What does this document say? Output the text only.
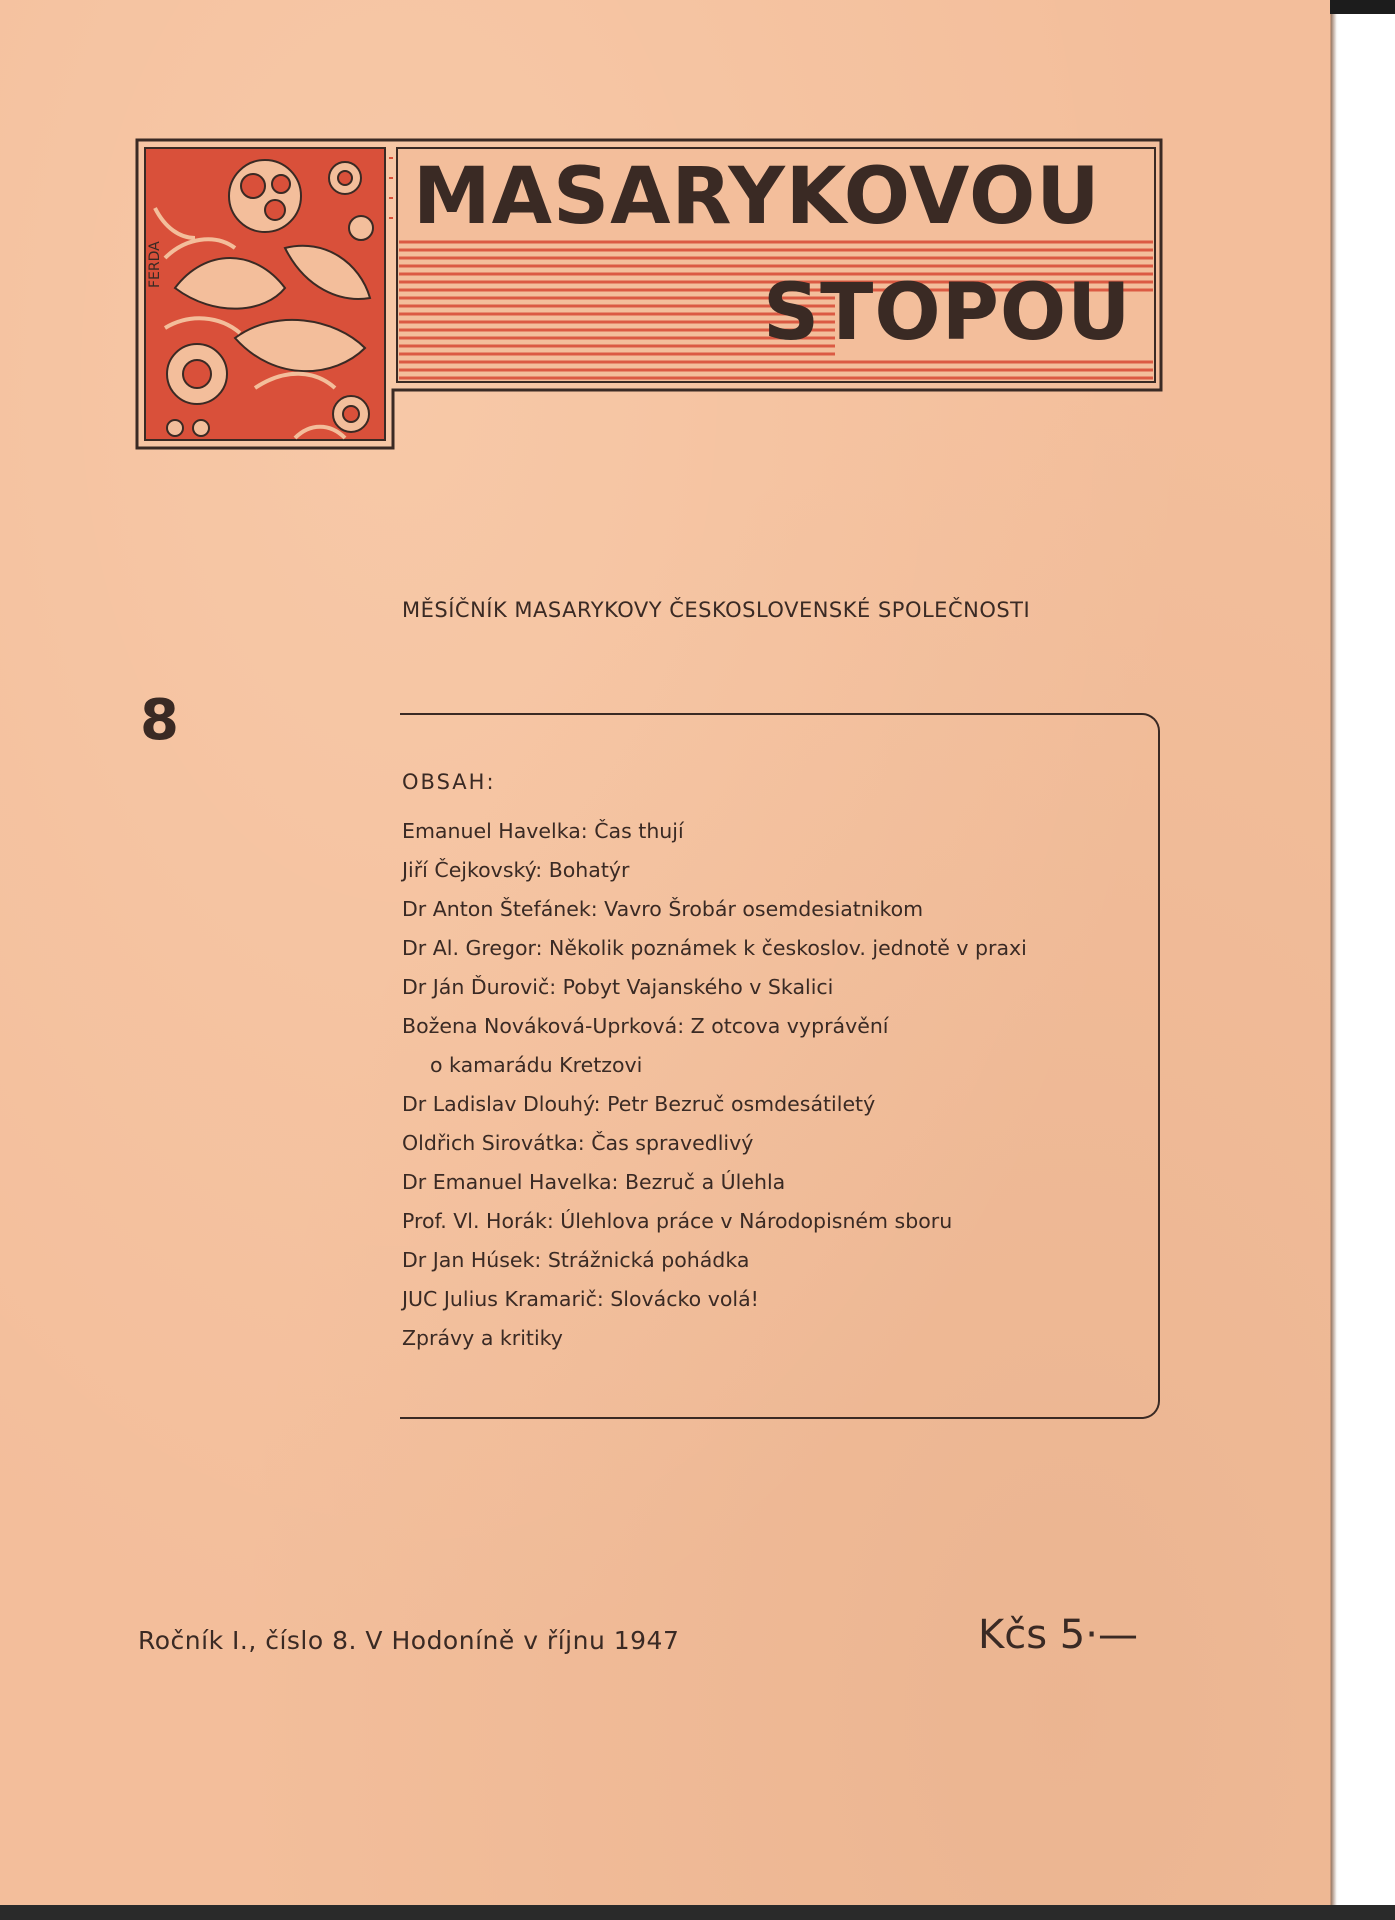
FERDA
MASARYKOVOU
STOPOU
MĚSÍČNÍK MASARYKOVY ČESKOSLOVENSKÉ SPOLEČNOSTI
8
OBSAH:
Emanuel Havelka: Čas thují
Jiří Čejkovský: Bohatýr
Dr Anton Štefánek: Vavro Šrobár osemdesiatnikom
Dr Al. Gregor: Několik poznámek k českoslov. jednotě v praxi
Dr Ján Ďurovič: Pobyt Vajanského v Skalici
Božena Nováková-Uprková: Z otcova vyprávění
o kamarádu Kretzovi
Dr Ladislav Dlouhý: Petr Bezruč osmdesátiletý
Oldřich Sirovátka: Čas spravedlivý
Dr Emanuel Havelka: Bezruč a Úlehla
Prof. Vl. Horák: Úlehlova práce v Národopisném sboru
Dr Jan Húsek: Strážnická pohádka
JUC Julius Kramarič: Slovácko volá!
Zprávy a kritiky
Ročník I., číslo 8. V Hodoníně v říjnu 1947	Kčs 5·—
